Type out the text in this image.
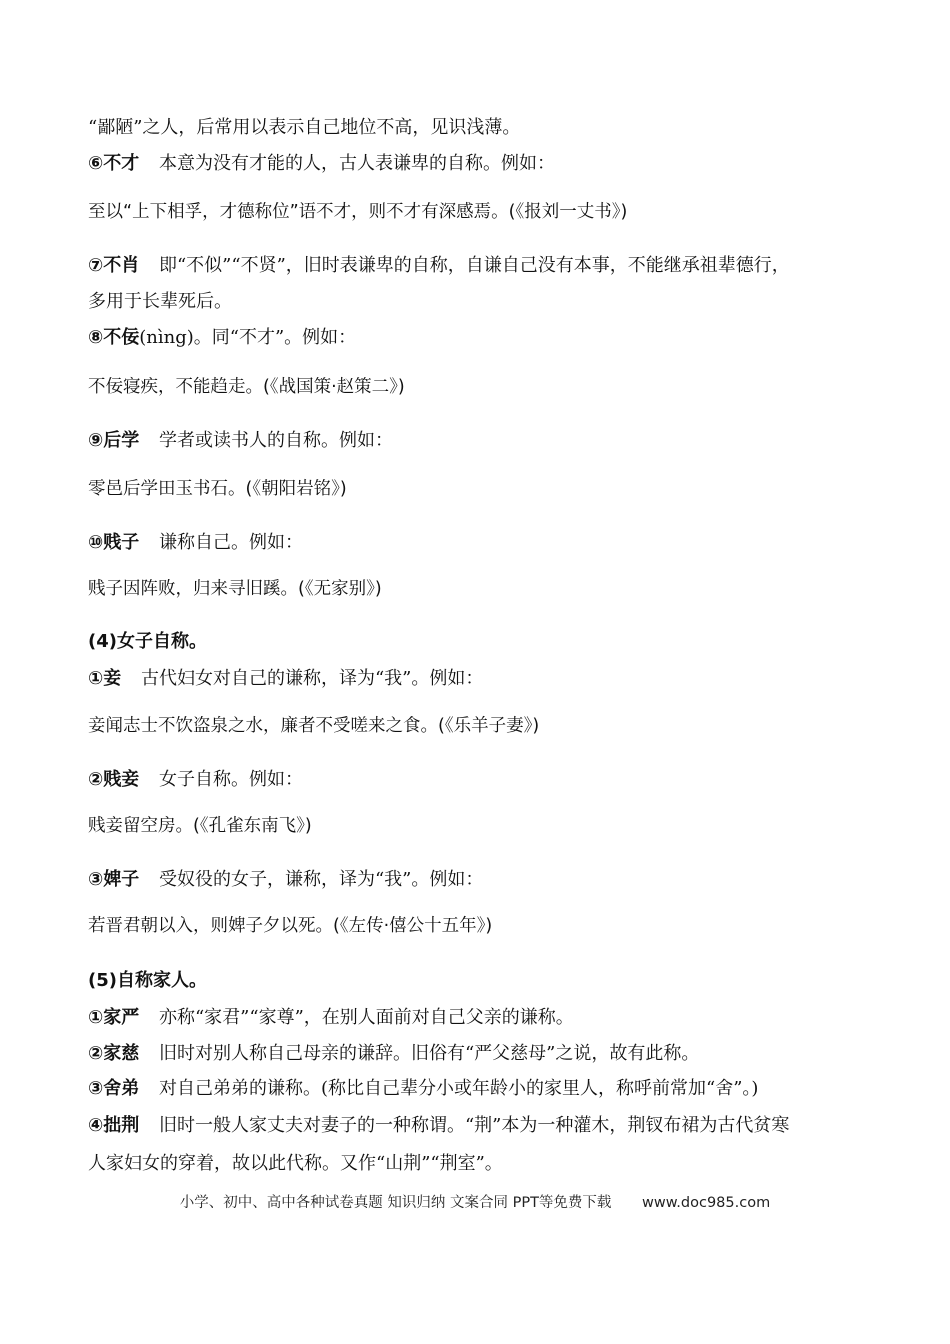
“鄙陋”之人，后常用以表示自己地位不高，见识浅薄。
⑥不才 本意为没有才能的人，古人表谦卑的自称。例如：
至以“上下相孚，才德称位”语不才，则不才有深感焉。(《报刘一丈书》)
⑦不肖 即“不似”“不贤”，旧时表谦卑的自称，自谦自己没有本事，不能继承祖辈德行，
多用于长辈死后。
⑧不佞(nìng)。同“不才”。例如：
不佞寝疾，不能趋走。(《战国策·赵策二》)
⑨后学 学者或读书人的自称。例如：
零邑后学田玉书石。(《朝阳岩铭》)
⑩贱子 谦称自己。例如：
贱子因阵败，归来寻旧蹊。(《无家别》)
(4)女子自称。
①妾 古代妇女对自己的谦称，译为“我”。例如：
妾闻志士不饮盗泉之水，廉者不受嗟来之食。(《乐羊子妻》)
②贱妾 女子自称。例如：
贱妾留空房。(《孔雀东南飞》)
③婢子 受奴役的女子，谦称，译为“我”。例如：
若晋君朝以入，则婢子夕以死。(《左传·僖公十五年》)
(5)自称家人。
①家严 亦称“家君”“家尊”，在别人面前对自己父亲的谦称。
②家慈 旧时对别人称自己母亲的谦辞。旧俗有“严父慈母”之说，故有此称。
③舍弟 对自己弟弟的谦称。(称比自己辈分小或年龄小的家里人，称呼前常加“舍”。)
④拙荆 旧时一般人家丈夫对妻子的一种称谓。“荆”本为一种灌木，荆钗布裙为古代贫寒
人家妇女的穿着，故以此代称。又作“山荆”“荆室”。
小学、初中、高中各种试卷真题 知识归纳 文案合同 PPT等免费下载 www.doc985.com
